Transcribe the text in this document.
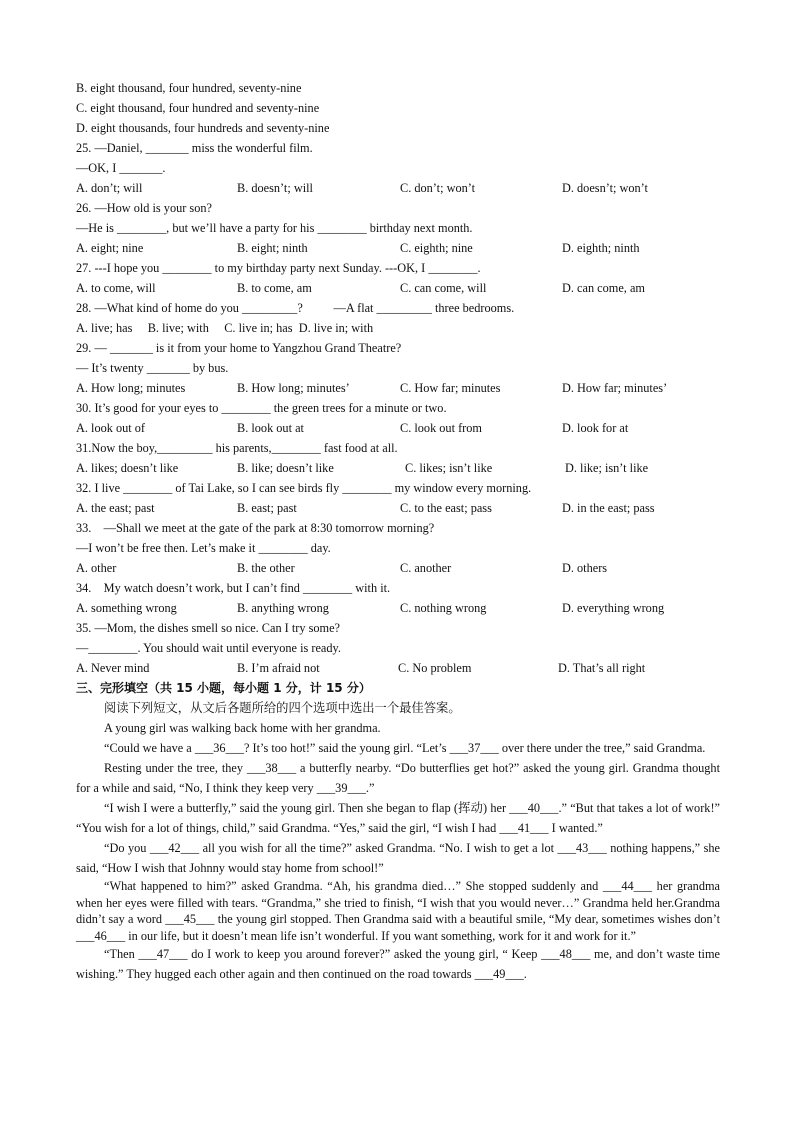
B. eight thousand, four hundred, seventy-nine
C. eight thousand, four hundred and seventy-nine
D. eight thousands, four hundreds and seventy-nine
25. —Daniel, _______ miss the wonderful film.
—OK, I _______.
A. don’t; will	B. doesn’t; will	C. don’t; won’t	D. doesn’t; won’t
26. —How old is your son?
—He is ________, but we’ll have a party for his ________ birthday next month.
A. eight; nine	B. eight; ninth	C. eighth; nine	D. eighth; ninth
27. ---I hope you ________ to my birthday party next Sunday. ---OK, I ________.
A. to come, will	B. to come, am	C. can come, will	D. can come, am
28. —What kind of home do you _________?          —A flat _________ three bedrooms.
A. live; has     B. live; with     C. live in; has  D. live in; with
29. — _______ is it from your home to Yangzhou Grand Theatre?
— It’s twenty _______ by bus.
A. How long; minutes	B. How long; minutes’	C. How far; minutes	D. How far; minutes’
30. It’s good for your eyes to ________ the green trees for a minute or two.
A. look out of	B. look out at	C. look out from	D. look for at
31.Now the boy,_________ his parents,________ fast food at all.
A. likes; doesn’t like	B. like; doesn’t like	C. likes; isn’t like	D. like; isn’t like
32. I live ________ of Tai Lake, so I can see birds fly ________ my window every morning.
A. the east; past	B. east; past	C. to the east; pass	D. in the east; pass
33.    —Shall we meet at the gate of the park at 8:30 tomorrow morning?
—I won’t be free then. Let’s make it ________ day.
A. other	B. the other	C. another	D. others
34.    My watch doesn’t work, but I can’t find ________ with it.
A. something wrong	B. anything wrong	C. nothing wrong	D. everything wrong
35. —Mom, the dishes smell so nice. Can I try some?
—________. You should wait until everyone is ready.
A. Never mind	B. I’m afraid not	C. No problem	D. That’s all right
三、完形填空（共 15 小题，每小题 1 分，计 15 分）
阅读下列短文，从文后各题所给的四个选项中选出一个最佳答案。
A young girl was walking back home with her grandma.
“Could we have a ___36___? It’s too hot!” said the young girl. “Let’s ___37___ over there under the tree,” said Grandma.
Resting under the tree, they ___38___ a butterfly nearby. “Do butterflies get hot?” asked the young girl. Grandma thought for a while and said, “No, I think they keep very ___39___.”
“I wish I were a butterfly,” said the young girl. Then she began to flap (挥动) her ___40___.” “But that takes a lot of work!” “You wish for a lot of things, child,” said Grandma. “Yes,” said the girl, “I wish I had ___41___ I wanted.”
“Do you ___42___ all you wish for all the time?” asked Grandma. “No. I wish to get a lot ___43___ nothing happens,” she said, “How I wish that Johnny would stay home from school!”
“What happened to him?” asked Grandma. “Ah, his grandma died…” She stopped suddenly and ___44___ her grandma when her eyes were filled with tears. “Grandma,” she tried to finish, “I wish that you would never…” Grandma held her.Grandma didn’t say a word ___45___ the young girl stopped. Then Grandma said with a beautiful smile, “My dear, sometimes wishes don’t ___46___ in our life, but it doesn’t mean life isn’t wonderful. If you want something, work for it and work for it.”
“Then ___47___ do I work to keep you around forever?” asked the young girl, “ Keep ___48___ me, and don’t waste time wishing.” They hugged each other again and then continued on the road towards ___49___.
